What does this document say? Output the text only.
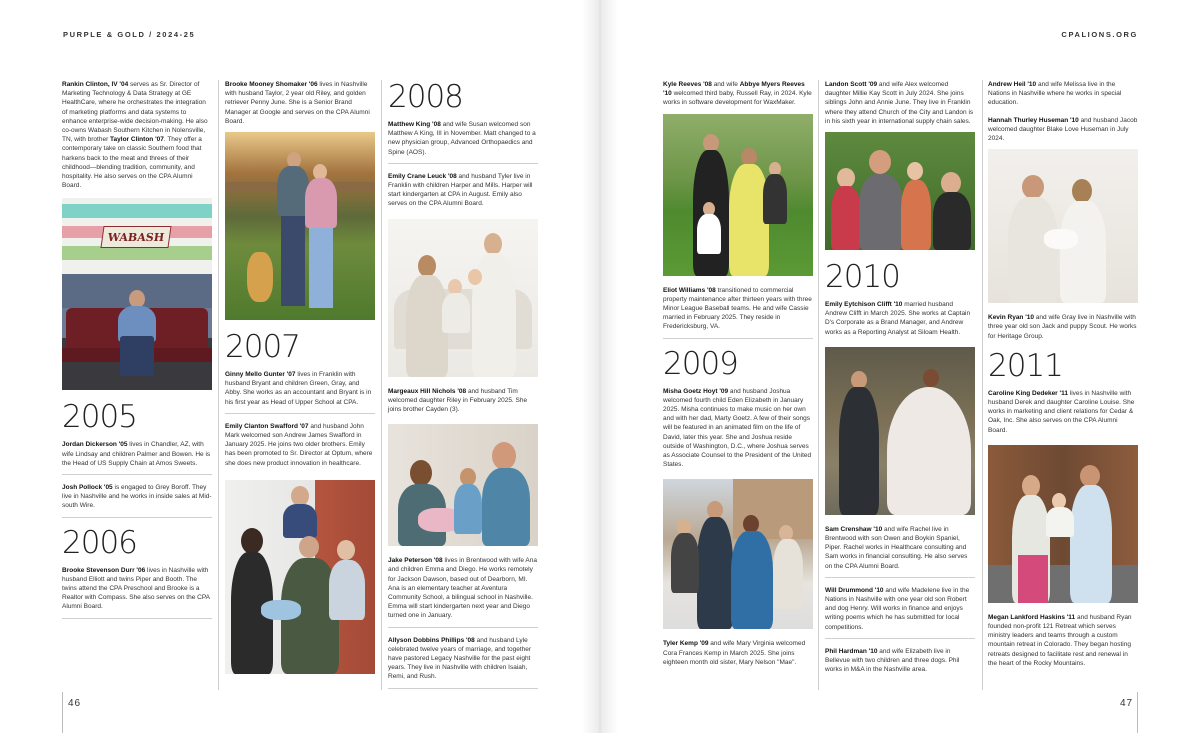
PURPLE & GOLD / 2024-25	CPALIONS.ORG
Rankin Clinton, IV '04 serves as Sr. Director of Marketing Technology & Data Strategy at GE HealthCare, where he orchestrates the integration of marketing platforms and data systems to enhance enterprise-wide decision-making. He also co-owns Wabash Southern Kitchen in Nolensville, TN, with brother Taylor Clinton '07. They offer a contemporary take on classic Southern food that harkens back to the meat and threes of their childhood—blending tradition, community, and hospitality. He also serves on the CPA Alumni Board.
WABASH
2005
Jordan Dickerson '05 lives in Chandler, AZ, with wife Lindsay and children Palmer and Bowen. He is the Head of US Supply Chain at Amos Sweets.
Josh Pollock '05 is engaged to Grey Boroff. They live in Nashville and he works in inside sales at Mid-south Wire.
2006
Brooke Stevenson Durr '06 lives in Nashville with husband Elliott and twins Piper and Booth. The twins attend the CPA Preschool and Brooke is a Realtor with Compass. She also serves on the CPA Alumni Board.
Brooke Mooney Shomaker '06 lives in Nashville with husband Taylor, 2 year old Riley, and golden retriever Penny June. She is a Senior Brand Manager at Google and serves on the CPA Alumni Board.
2007
Ginny Mello Gunter '07 lives in Franklin with husband Bryant and children Green, Gray, and Abby. She works as an accountant and Bryant is in his first year as Head of Upper School at CPA.
Emily Clanton Swafford '07 and husband John Mark welcomed son Andrew James Swafford in January 2025. He joins two older brothers. Emily has been promoted to Sr. Director at Optum, where she does new product innovation in healthcare.
2008
Matthew King '08 and wife Susan welcomed son Matthew A King, III in November. Matt changed to a new physician group, Advanced Orthopaedics and Spine (AOS).
Emily Crane Leuck '08 and husband Tyler live in Franklin with children Harper and Mills. Harper will start kindergarten at CPA in August. Emily also serves on the CPA Alumni Board.
Margeaux Hill Nichols '08 and husband Tim welcomed daughter Riley in February 2025. She joins brother Cayden (3).
Jake Peterson '08 lives in Brentwood with wife Ana and children Emma and Diego. He works remotely for Jackson Dawson, based out of Dearborn, MI. Ana is an elementary teacher at Aventura Community School, a bilingual school in Nashville. Emma will start kindergarten next year and Diego turned one in January.
Allyson Dobbins Phillips '08 and husband Lyle celebrated twelve years of marriage, and together have pastored Legacy Nashville for the past eight years. They live in Nashville with children Isaiah, Remi, and Rush.
Kyle Reeves '08 and wife Abbye Myers Reeves '10 welcomed third baby, Russell Ray, in 2024. Kyle works in software development for WaxMaker.
Eliot Williams '08 transitioned to commercial property maintenance after thirteen years with three Minor League Baseball teams. He and wife Cassie married in February 2025. They reside in Fredericksburg, VA.
2009
Misha Goetz Hoyt '09 and husband Joshua welcomed fourth child Eden Elizabeth in January 2025. Misha continues to make music on her own and with her dad, Marty Goetz. A few of their songs will be featured in an animated film on the life of David, later this year. She and Joshua reside outside of Washington, D.C., where Joshua serves as Associate Counsel to the President of the United States.
Tyler Kemp '09 and wife Mary Virginia welcomed Cora Frances Kemp in March 2025. She joins eighteen month old sister, Mary Nelson "Mae".
Landon Scott '09 and wife Alex welcomed daughter Millie Kay Scott in July 2024. She joins siblings John and Annie June. They live in Franklin where they attend Church of the City and Landon is in his sixth year in international supply chain sales.
2010
Emily Eytchison Clifft '10 married husband Andrew Clifft in March 2025. She works at Captain D's Corporate as a Brand Manager, and Andrew works as a Reporting Analyst at Siloam Health.
Sam Crenshaw '10 and wife Rachel live in Brentwood with son Owen and Boykin Spaniel, Piper. Rachel works in Healthcare consulting and Sam works in financial consulting. He also serves on the CPA Alumni Board.
Will Drummond '10 and wife Madelene live in the Nations in Nashville with one year old son Robert and dog Henry. Will works in finance and enjoys writing poems which he has submitted for local competitions.
Phil Hardman '10 and wife Elizabeth live in Bellevue with two children and three dogs. Phil works in M&A in the Nashville area.
Andrew Heil '10 and wife Melissa live in the Nations in Nashville where he works in special education.
Hannah Thurley Huseman '10 and husband Jacob welcomed daughter Blake Love Huseman in July 2024.
Kevin Ryan '10 and wife Gray live in Nashville with three year old son Jack and puppy Scout. He works for Heritage Group.
2011
Caroline King Dedeker '11 lives in Nashville with husband Derek and daughter Caroline Louise. She works in marketing and client relations for Cedar & Oak, Inc. She also serves on the CPA Alumni Board.
Megan Lankford Haskins '11 and husband Ryan founded non-profit 121 Retreat which serves ministry leaders and teams through a custom mountain retreat in Colorado. They began hosting retreats designed to facilitate rest and renewal in the heart of the Rocky Mountains.
46	47
